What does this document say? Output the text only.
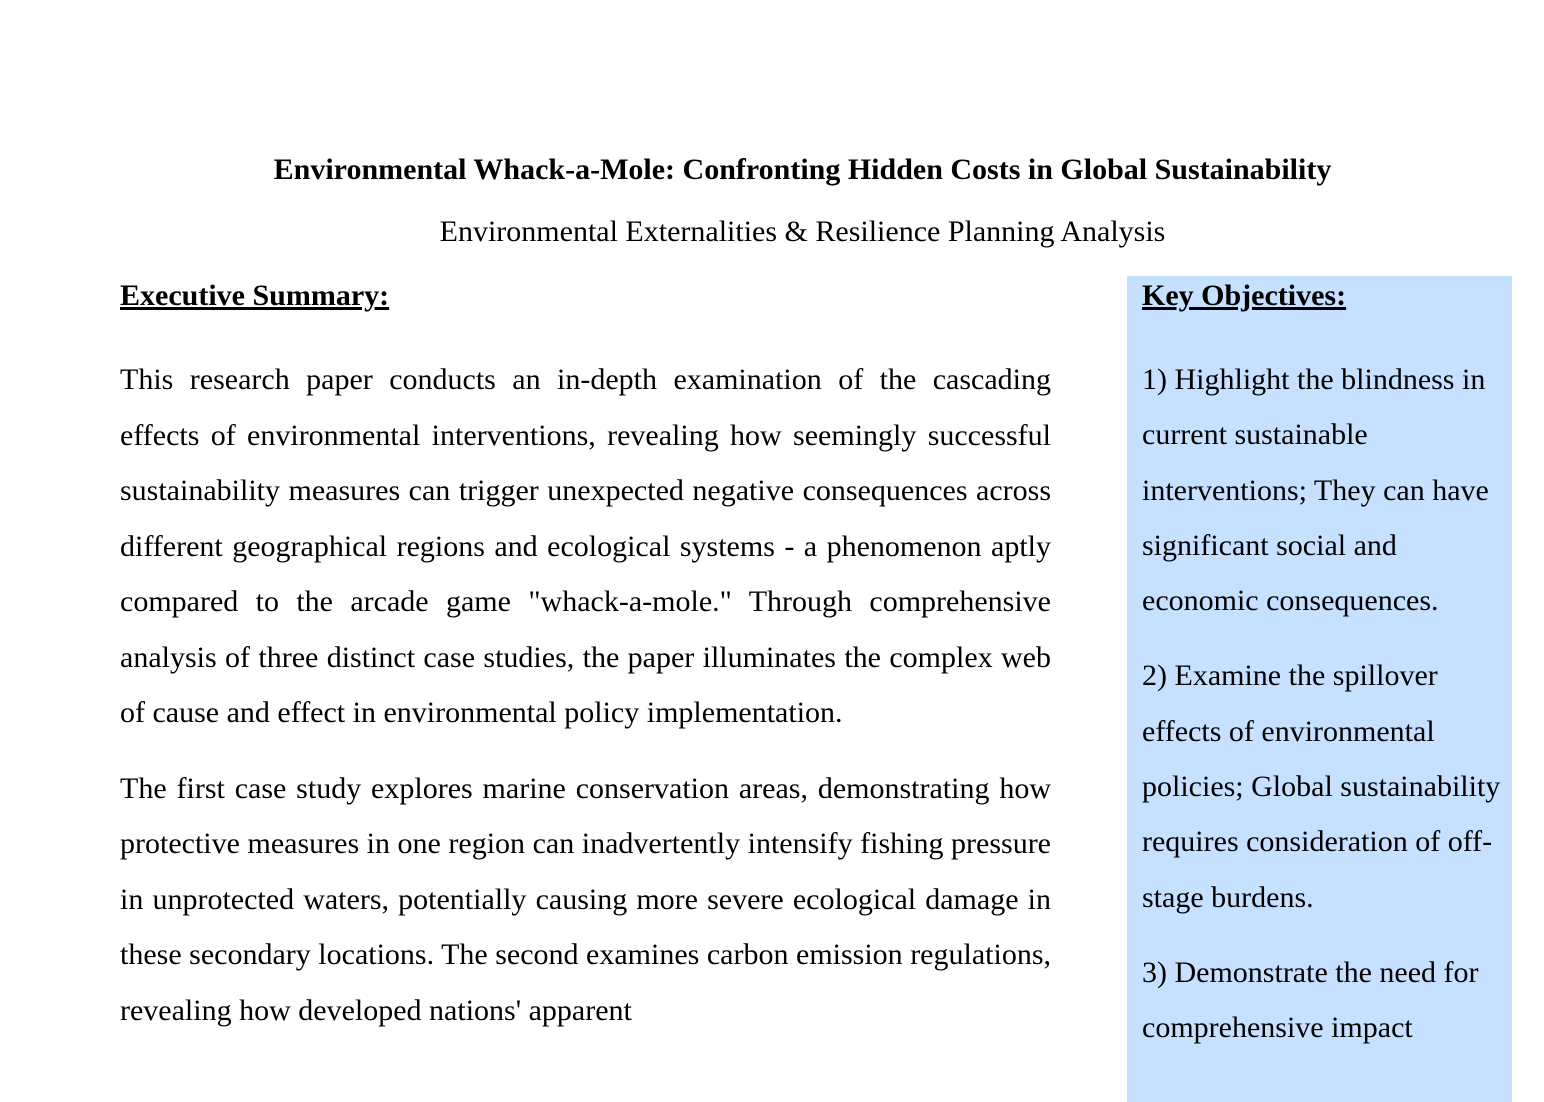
Environmental Whack-a-Mole: Confronting Hidden Costs in Global Sustainability
Environmental Externalities & Resilience Planning Analysis
Executive Summary:

This research paper conducts an in-depth examination of the cascading effects of environmental interventions, revealing how seemingly successful sustainability measures can trigger unexpected negative consequences across different geographical regions and ecological systems - a phenomenon aptly compared to the arcade game "whack-a-mole." Through comprehensive analysis of three distinct case studies, the paper illuminates the complex web of cause and effect in environmental policy implementation.

The first case study explores marine conservation areas, demonstrating how protective measures in one region can inadvertently intensify fishing pressure in unprotected waters, potentially causing more severe ecological damage in these secondary locations. The second examines carbon emission regulations, revealing how developed nations' apparent

Key Objectives:

1) Highlight the blindness in current sustainable interventions; They can have significant social and economic consequences.

2) Examine the spillover effects of environmental policies; Global sustainability requires consideration of off-stage burdens.

3) Demonstrate the need for comprehensive impact
